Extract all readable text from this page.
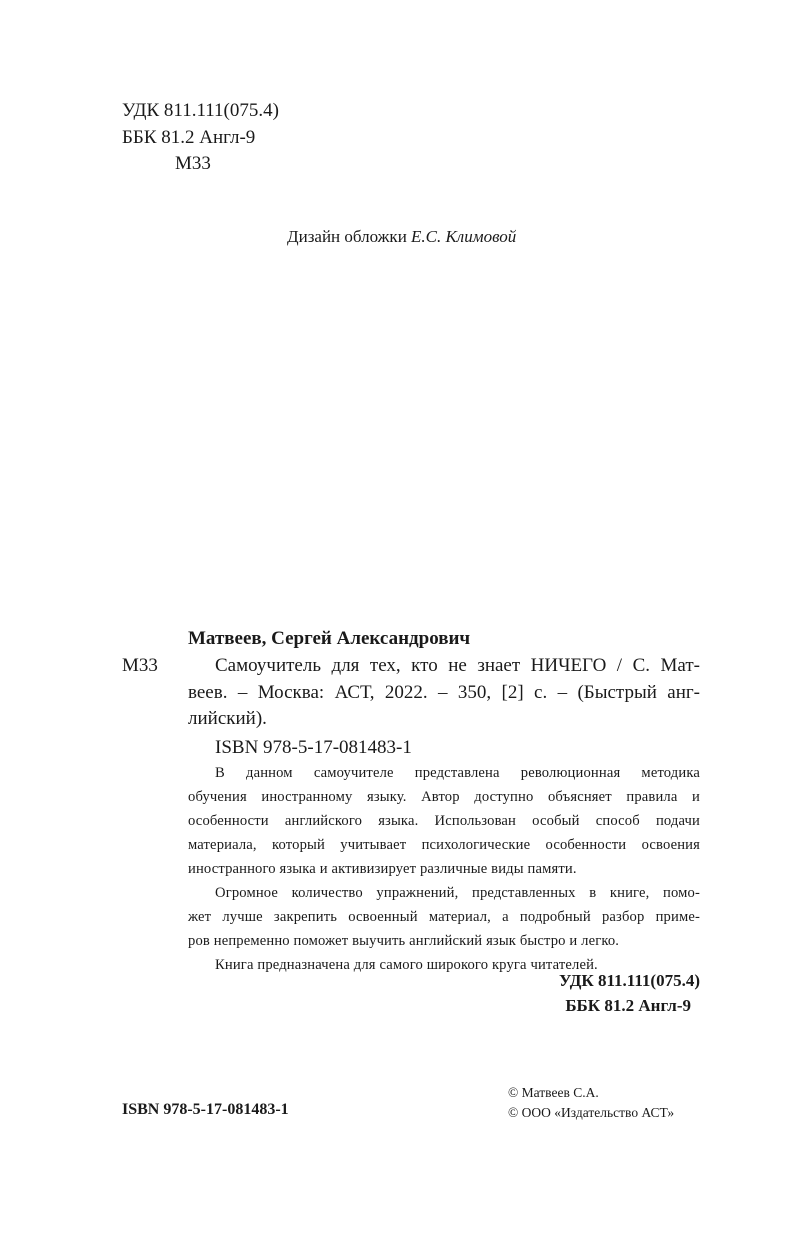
УДК 811.111(075.4)
ББК 81.2 Англ-9
М33
Дизайн обложки Е.С. Климовой
Матвеев, Сергей Александрович
М33	Самоучитель для тех, кто не знает НИЧЕГО / С. Мат-
веев. – Москва: АСТ, 2022. – 350, [2] с. – (Быстрый анг-
лийский).
ISBN 978-5-17-081483-1
В данном самоучителе представлена революционная методика
обучения иностранному языку. Автор доступно объясняет правила и
особенности английского языка. Использован особый способ подачи
материала, который учитывает психологические особенности освоения
иностранного языка и активизирует различные виды памяти.
Огромное количество упражнений, представленных в книге, помо-
жет лучше закрепить освоенный материал, а подробный разбор приме-
ров непременно поможет выучить английский язык быстро и легко.
Книга предназначена для самого широкого круга читателей.
УДК 811.111(075.4)
ББК 81.2 Англ-9
© Матвеев С.А.
© ООО «Издательство АСТ»
ISBN 978-5-17-081483-1
